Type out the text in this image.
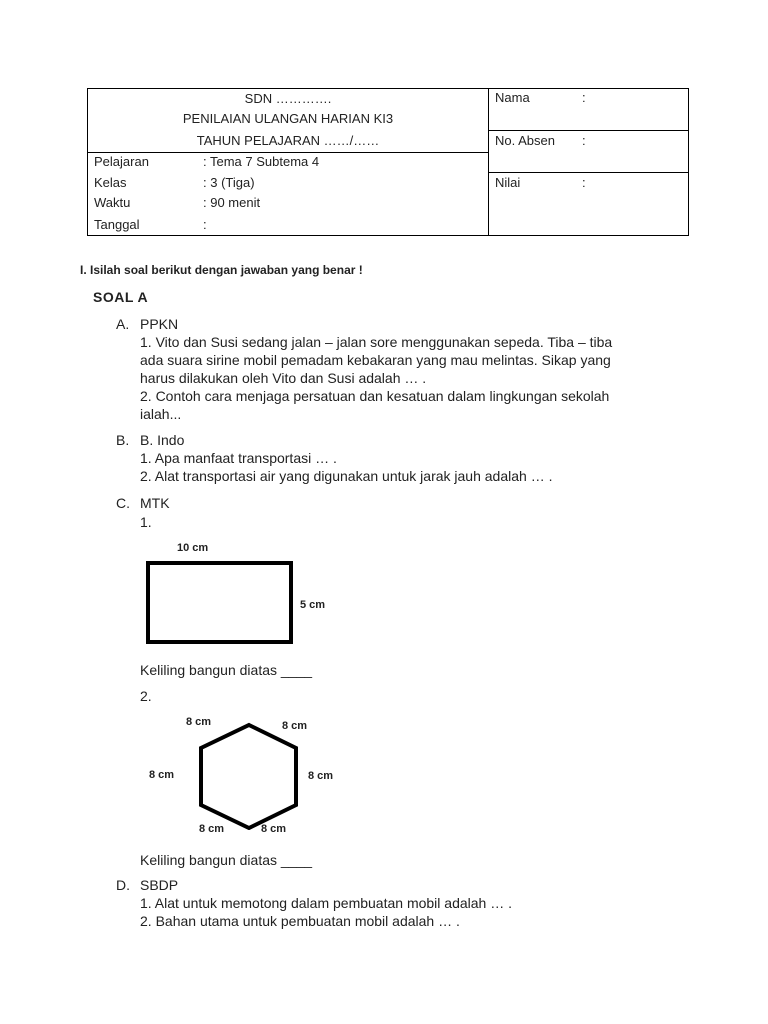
SDN ………….
PENILAIAN ULANGAN HARIAN KI3
TAHUN PELAJARAN ……/……
Pelajaran	: Tema 7 Subtema 4
Kelas	: 3 (Tiga)
Waktu	: 90 menit
Tanggal	:
Nama	:
No. Absen :
Nilai	:
I. Isilah soal berikut dengan jawaban yang benar !
SOAL A
A. PPKN
1. Vito dan Susi sedang jalan – jalan sore menggunakan sepeda. Tiba – tiba
ada suara sirine mobil pemadam kebakaran yang mau melintas. Sikap yang
harus dilakukan oleh Vito dan Susi adalah … .
2. Contoh cara menjaga persatuan dan kesatuan dalam lingkungan sekolah
ialah...
B. B. Indo
1. Apa manfaat transportasi … .
2. Alat transportasi air yang digunakan untuk jarak jauh adalah … .
C. MTK
1.
10 cm
5 cm
Keliling bangun diatas ____
2.
8 cm	8 cm
8 cm	8 cm
8 cm	8 cm
Keliling bangun diatas ____
D. SBDP
1. Alat untuk memotong dalam pembuatan mobil adalah … .
2. Bahan utama untuk pembuatan mobil adalah … .
